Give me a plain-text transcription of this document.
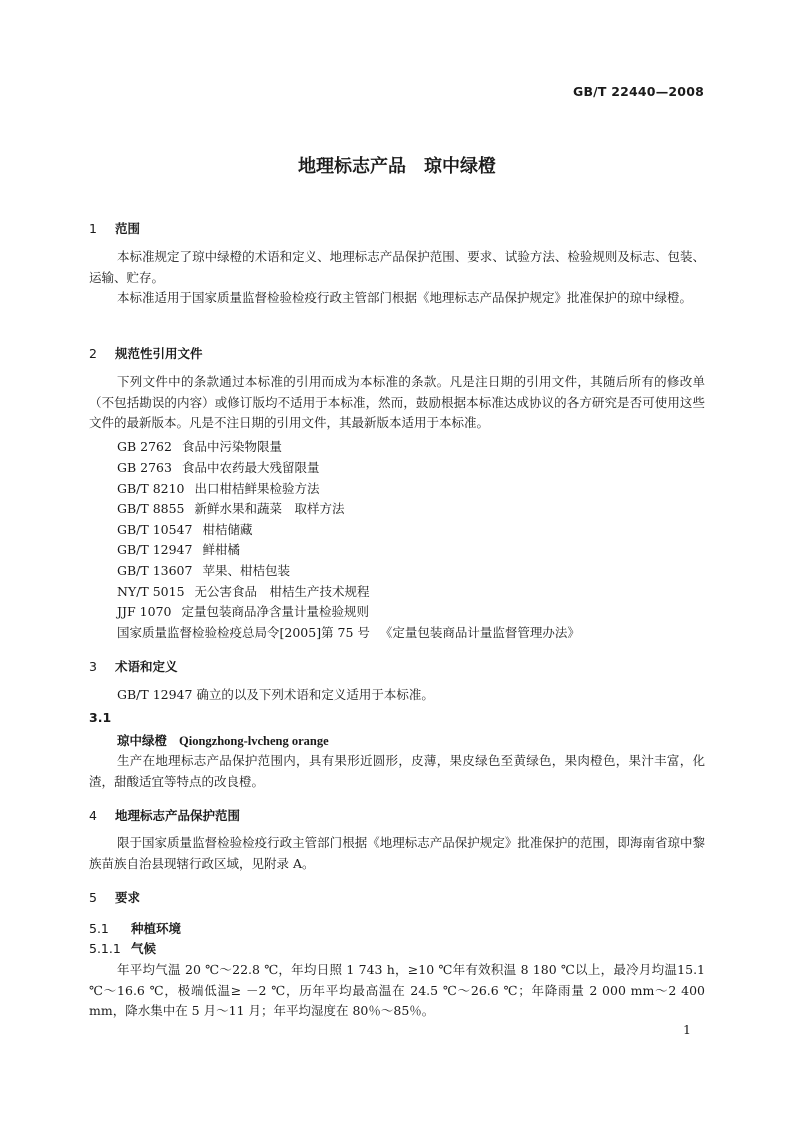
GB/T 22440—2008
地理标志产品　琼中绿橙
1 范围
本标准规定了琼中绿橙的术语和定义、地理标志产品保护范围、要求、试验方法、检验规则及标志、包装、运输、贮存。
本标准适用于国家质量监督检验检疫行政主管部门根据《地理标志产品保护规定》批准保护的琼中绿橙。
2 规范性引用文件
下列文件中的条款通过本标准的引用而成为本标准的条款。凡是注日期的引用文件，其随后所有的修改单（不包括勘误的内容）或修订版均不适用于本标准，然而，鼓励根据本标准达成协议的各方研究是否可使用这些文件的最新版本。凡是不注日期的引用文件，其最新版本适用于本标准。
GB 2762 食品中污染物限量
GB 2763 食品中农药最大残留限量
GB/T 8210 出口柑桔鲜果检验方法
GB/T 8855 新鲜水果和蔬菜　取样方法
GB/T 10547 柑桔储藏
GB/T 12947 鲜柑橘
GB/T 13607 苹果、柑桔包装
NY/T 5015 无公害食品　柑桔生产技术规程
JJF 1070 定量包装商品净含量计量检验规则
国家质量监督检验检疫总局令[2005]第 75 号 《定量包装商品计量监督管理办法》
3 术语和定义
GB/T 12947 确立的以及下列术语和定义适用于本标准。
3.1
琼中绿橙 Qiongzhong-lvcheng orange
生产在地理标志产品保护范围内，具有果形近圆形，皮薄，果皮绿色至黄绿色，果肉橙色，果汁丰富，化渣，甜酸适宜等特点的改良橙。
4 地理标志产品保护范围
限于国家质量监督检验检疫行政主管部门根据《地理标志产品保护规定》批准保护的范围，即海南省琼中黎族苗族自治县现辖行政区域，见附录 A。
5 要求
5.1 种植环境
5.1.1 气候
年平均气温 20 ℃～22.8 ℃，年均日照 1 743 h，≥10 ℃年有效积温 8 180 ℃以上，最冷月均温15.1 ℃～16.6 ℃，极端低温≥ －2 ℃，历年平均最高温在 24.5 ℃～26.6 ℃；年降雨量 2 000 mm～2 400 mm，降水集中在 5 月～11 月；年平均湿度在 80％～85％。
1
